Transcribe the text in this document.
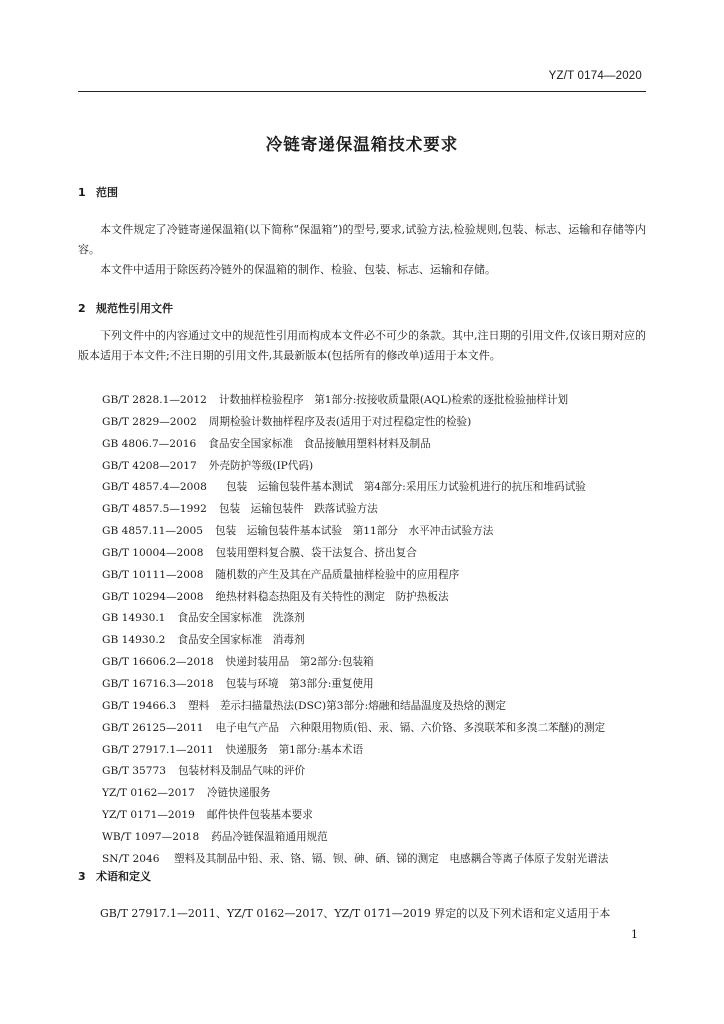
YZ/T 0174—2020
冷链寄递保温箱技术要求
1 范围

本文件规定了冷链寄递保温箱(以下简称“保温箱”)的型号,要求,试验方法,检验规则,包装、标志、运输和存储等内容。

本文件中适用于除医药冷链外的保温箱的制作、检验、包装、标志、运输和存储。

2 规范性引用文件

下列文件中的内容通过文中的规范性引用而构成本文件必不可少的条款。其中,注日期的引用文件,仅该日期对应的版本适用于本文件;不注日期的引用文件,其最新版本(包括所有的修改单)适用于本文件。

GB/T 2828.1—2012 计数抽样检验程序　第1部分:按接收质量限(AQL)检索的逐批检验抽样计划
GB/T 2829—2002 周期检验计数抽样程序及表(适用于对过程稳定性的检验)
GB 4806.7—2016 食品安全国家标准　食品接触用塑料材料及制品
GB/T 4208—2017 外壳防护等级(IP代码)
GB/T 4857.4—2008	包装　运输包装件基本测试　第4部分:采用压力试验机进行的抗压和堆码试验
GB/T 4857.5—1992 包装　运输包装件　跌落试验方法
GB 4857.11—2005 包装　运输包装件基本试验　第11部分　水平冲击试验方法
GB/T 10004—2008 包装用塑料复合膜、袋干法复合、挤出复合
GB/T 10111—2008 随机数的产生及其在产品质量抽样检验中的应用程序
GB/T 10294—2008 绝热材料稳态热阻及有关特性的测定　防护热板法
GB 14930.1 食品安全国家标准　洗涤剂
GB 14930.2 食品安全国家标准　消毒剂
GB/T 16606.2—2018 快递封装用品　第2部分:包装箱
GB/T 16716.3—2018 包装与环境　第3部分:重复使用
GB/T 19466.3 塑料　差示扫描量热法(DSC)第3部分:熔融和结晶温度及热焓的测定
GB/T 26125—2011 电子电气产品　六种限用物质(铅、汞、镉、六价铬、多溴联苯和多溴二苯醚)的测定
GB/T 27917.1—2011 快递服务　第1部分:基本术语
GB/T 35773 包装材料及制品气味的评价
YZ/T 0162—2017 冷链快递服务
YZ/T 0171—2019 邮件快件包装基本要求
WB/T 1097—2018 药品冷链保温箱通用规范
SN/T 2046	塑料及其制品中铅、汞、铬、镉、钡、砷、硒、锑的测定　电感耦合等离子体原子发射光谱法
3 术语和定义

GB/T 27917.1—2011、YZ/T 0162—2017、YZ/T 0171—2019 界定的以及下列术语和定义适用于本

1
